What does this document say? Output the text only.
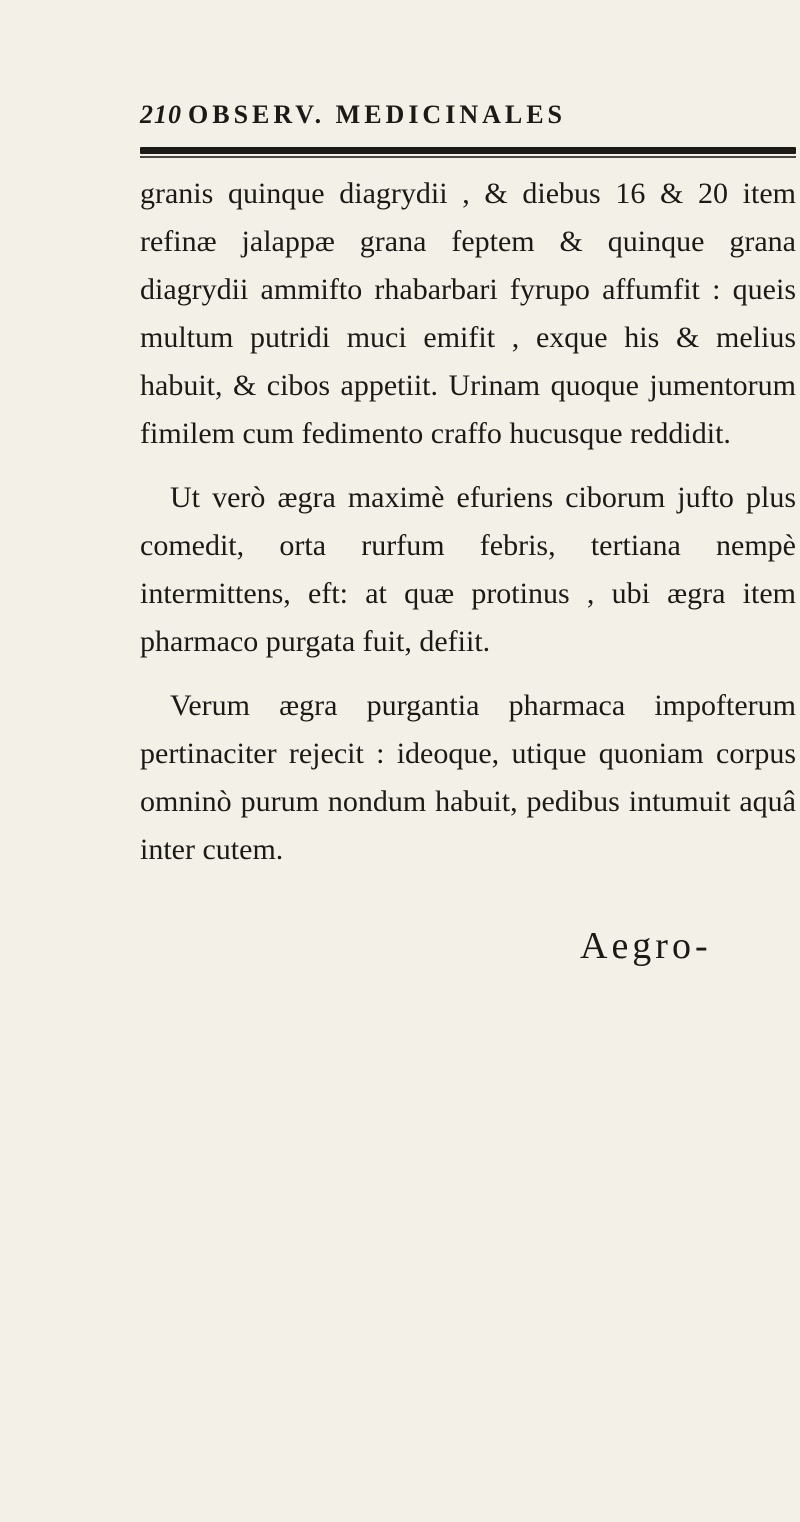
210 OBSERV. MEDICINALES

granis quinque diagrydii , & diebus 16 & 20 item refinæ jalappæ grana feptem & quinque grana diagrydii ammifto rhabarbari fyrupo affumfit : queis multum putridi muci emifit , exque his & melius habuit, & cibos appetiit. Urinam quoque jumentorum fimilem cum fedimento craffo hucusque reddidit.

Ut verò ægra maximè efuriens ciborum jufto plus comedit, orta rurfum febris, tertiana nempè intermittens, eft: at quæ protinus , ubi ægra item pharmaco purgata fuit, defiit.

Verum ægra purgantia pharmaca impofterum pertinaciter rejecit : ideoque, utique quoniam corpus omninò purum nondum habuit, pedibus intumuit aquâ inter cutem.

Aegro-
